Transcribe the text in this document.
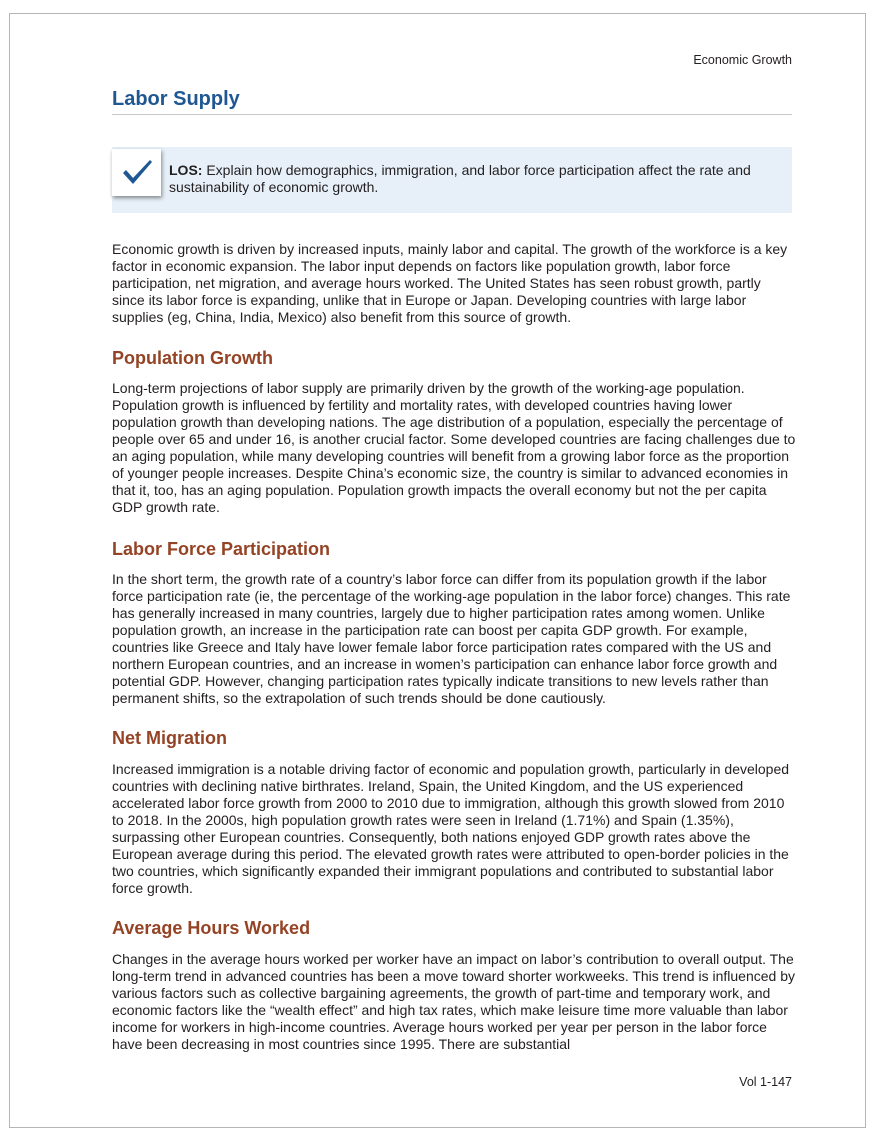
Economic Growth
Labor Supply
LOS: Explain how demographics, immigration, and labor force participation affect the rate and sustainability of economic growth.

Economic growth is driven by increased inputs, mainly labor and capital. The growth of the workforce is a key factor in economic expansion. The labor input depends on factors like population growth, labor force participation, net migration, and average hours worked. The United States has seen robust growth, partly since its labor force is expanding, unlike that in Europe or Japan. Developing countries with large labor supplies (eg, China, India, Mexico) also benefit from this source of growth.

Population Growth

Long-term projections of labor supply are primarily driven by the growth of the working-age population. Population growth is influenced by fertility and mortality rates, with developed countries having lower population growth than developing nations. The age distribution of a population, especially the percentage of people over 65 and under 16, is another crucial factor. Some developed countries are facing challenges due to an aging population, while many developing countries will benefit from a growing labor force as the proportion of younger people increases. Despite China’s economic size, the country is similar to advanced economies in that it, too, has an aging population. Population growth impacts the overall economy but not the per capita GDP growth rate.

Labor Force Participation

In the short term, the growth rate of a country’s labor force can differ from its population growth if the labor force participation rate (ie, the percentage of the working-age population in the labor force) changes. This rate has generally increased in many countries, largely due to higher participation rates among women. Unlike population growth, an increase in the participation rate can boost per capita GDP growth. For example, countries like Greece and Italy have lower female labor force participation rates compared with the US and northern European countries, and an increase in women’s participation can enhance labor force growth and potential GDP. However, changing participation rates typically indicate transitions to new levels rather than permanent shifts, so the extrapolation of such trends should be done cautiously.

Net Migration

Increased immigration is a notable driving factor of economic and population growth, particularly in developed countries with declining native birthrates. Ireland, Spain, the United Kingdom, and the US experienced accelerated labor force growth from 2000 to 2010 due to immigration, although this growth slowed from 2010 to 2018. In the 2000s, high population growth rates were seen in Ireland (1.71%) and Spain (1.35%), surpassing other European countries. Consequently, both nations enjoyed GDP growth rates above the European average during this period. The elevated growth rates were attributed to open-border policies in the two countries, which significantly expanded their immigrant populations and contributed to substantial labor force growth.

Average Hours Worked

Changes in the average hours worked per worker have an impact on labor’s contribution to overall output. The long-term trend in advanced countries has been a move toward shorter workweeks. This trend is influenced by various factors such as collective bargaining agreements, the growth of part-time and temporary work, and economic factors like the “wealth effect” and high tax rates, which make leisure time more valuable than labor income for workers in high-income countries. Average hours worked per year per person in the labor force have been decreasing in most countries since 1995. There are substantial

Vol 1-147
